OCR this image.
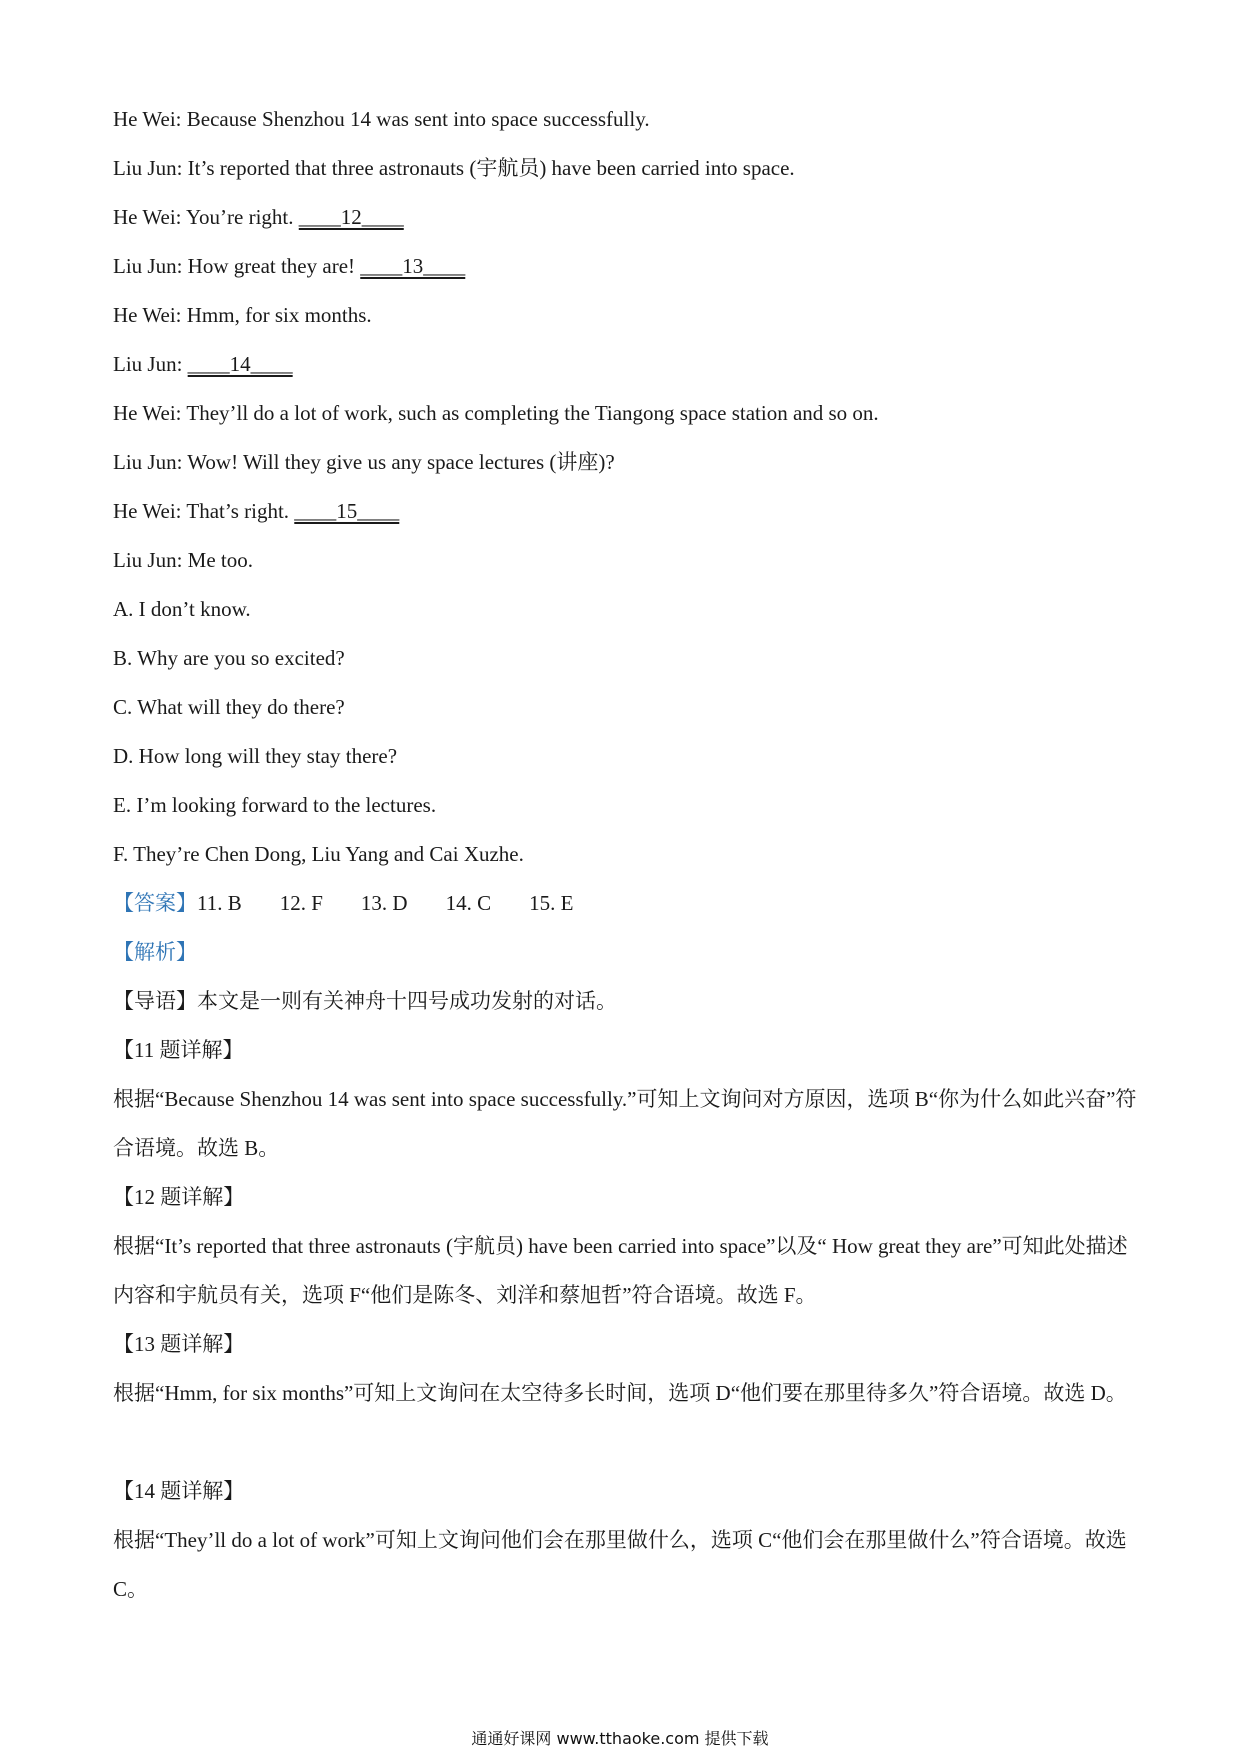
He Wei: Because Shenzhou 14 was sent into space successfully.
Liu Jun: It’s reported that three astronauts (宇航员) have been carried into space.
He Wei: You’re right. ____12____
Liu Jun: How great they are! ____13____
He Wei: Hmm, for six months.
Liu Jun: ____14____
He Wei: They’ll do a lot of work, such as completing the Tiangong space station and so on.
Liu Jun: Wow! Will they give us any space lectures (讲座)?
He Wei: That’s right. ____15____
Liu Jun: Me too.
A. I don’t know.
B. Why are you so excited?
C. What will they do there?
D. How long will they stay there?
E. I’m looking forward to the lectures.
F. They’re Chen Dong, Liu Yang and Cai Xuzhe.
【答案】11. B 12. F 13. D 14. C 15. E
【解析】
【导语】本文是一则有关神舟十四号成功发射的对话。
【11 题详解】
根据“Because Shenzhou 14 was sent into space successfully.”可知上文询问对方原因，选项 B“你为什么如此兴奋”符合语境。故选 B。
【12 题详解】
根据“It’s reported that three astronauts (宇航员) have been carried into space”以及“ How great they are”可知此处描述内容和宇航员有关，选项 F“他们是陈冬、刘洋和蔡旭哲”符合语境。故选 F。
【13 题详解】
根据“Hmm, for six months”可知上文询问在太空待多长时间，选项 D“他们要在那里待多久”符合语境。故选 D。
【14 题详解】
根据“They’ll do a lot of work”可知上文询问他们会在那里做什么，选项 C“他们会在那里做什么”符合语境。故选 C。
通通好课网 www.tthaoke.com 提供下载
